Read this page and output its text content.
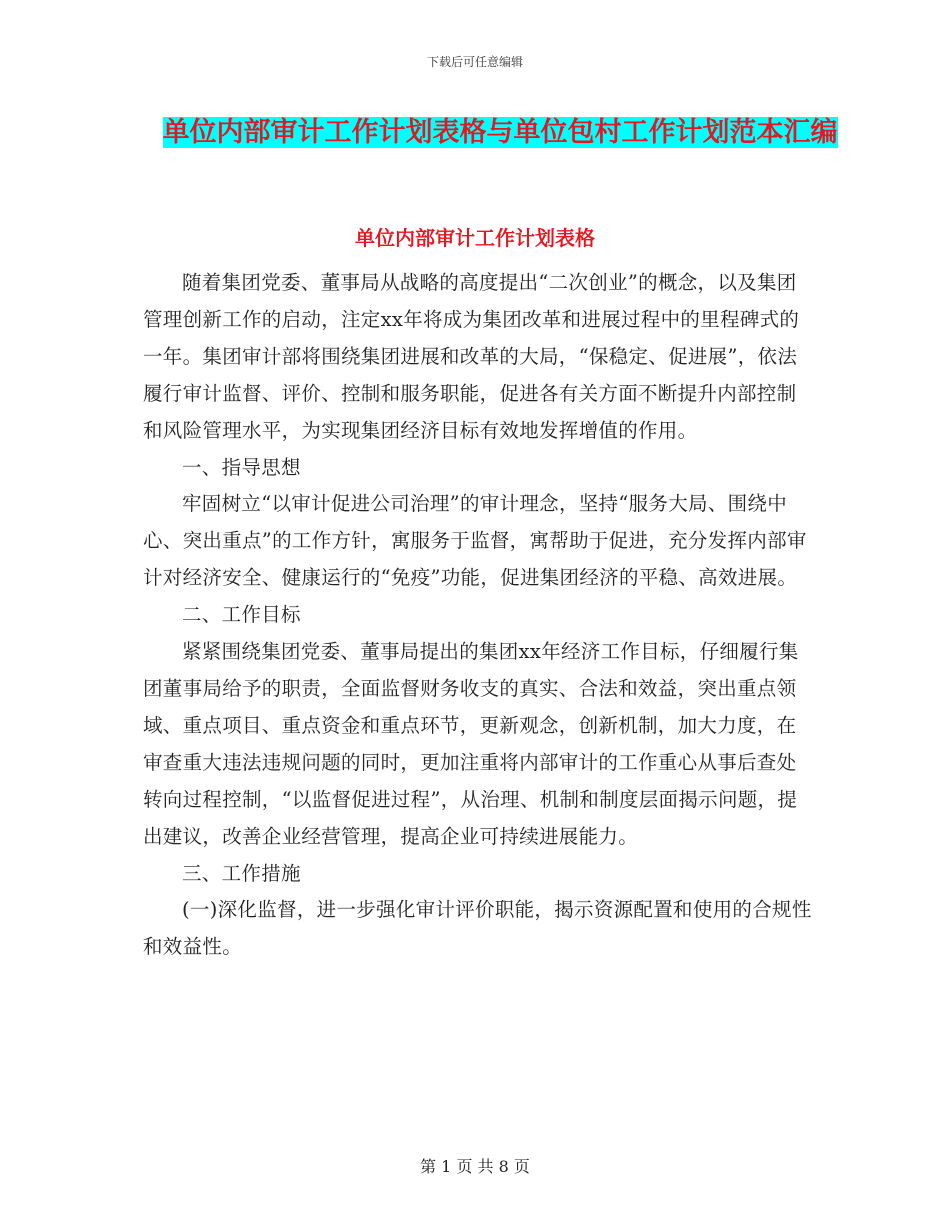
下载后可任意编辑
单位内部审计工作计划表格与单位包村工作计划范本汇编
单位内部审计工作计划表格

随着集团党委、董事局从战略的高度提出“二次创业”的概念，以及集团管理创新工作的启动，注定xx年将成为集团改革和进展过程中的里程碑式的一年。集团审计部将围绕集团进展和改革的大局，“保稳定、促进展”，依法履行审计监督、评价、控制和服务职能，促进各有关方面不断提升内部控制和风险管理水平，为实现集团经济目标有效地发挥增值的作用。

一、指导思想

牢固树立“以审计促进公司治理”的审计理念，坚持“服务大局、围绕中心、突出重点”的工作方针，寓服务于监督，寓帮助于促进，充分发挥内部审计对经济安全、健康运行的“免疫”功能，促进集团经济的平稳、高效进展。

二、工作目标

紧紧围绕集团党委、董事局提出的集团xx年经济工作目标，仔细履行集团董事局给予的职责，全面监督财务收支的真实、合法和效益，突出重点领域、重点项目、重点资金和重点环节，更新观念，创新机制，加大力度，在审查重大违法违规问题的同时，更加注重将内部审计的工作重心从事后查处转向过程控制，“以监督促进过程”，从治理、机制和制度层面揭示问题，提出建议，改善企业经营管理，提高企业可持续进展能力。

三、工作措施

(一)深化监督，进一步强化审计评价职能，揭示资源配置和使用的合规性和效益性。

第 1 页 共 8 页
